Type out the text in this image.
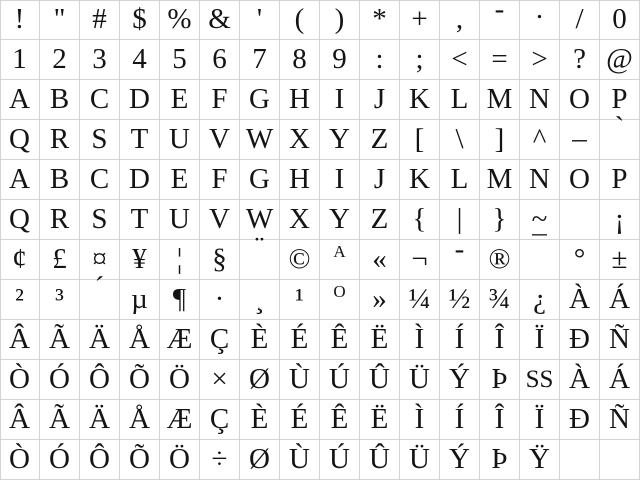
! " # $ % & ' ( ) * + , - . / 0
1 2 3 4 5 6 7 8 9 : ; < = > ? @
A B C D E F G H I J K L M N O P
Q R S T U V W X Y Z [ \ ] ^ _ `
A B C D E F G H I J K L M N O P
Q R S T U V W X Y Z { | } ~ ¡
¢ £ ¤ ¥ ¦ § ¨ © A « ¬ - ® ¯ ° ±
² ³ ´ µ ¶ · ¸ ¹ O » ¼ ½ ¾ ¿ À Á
Â Ã Ä Å Æ Ç È É Ê Ë Ì Í Î Ï Ð Ñ
Ò Ó Ô Õ Ö × Ø Ù Ú Û Ü Ý Þ SS À Á
Â Ã Ä Å Æ Ç È É Ê Ë Ì Í Î Ï Ð Ñ
Ò Ó Ô Õ Ö ÷ Ø Ù Ú Û Ü Ý Þ Ÿ
